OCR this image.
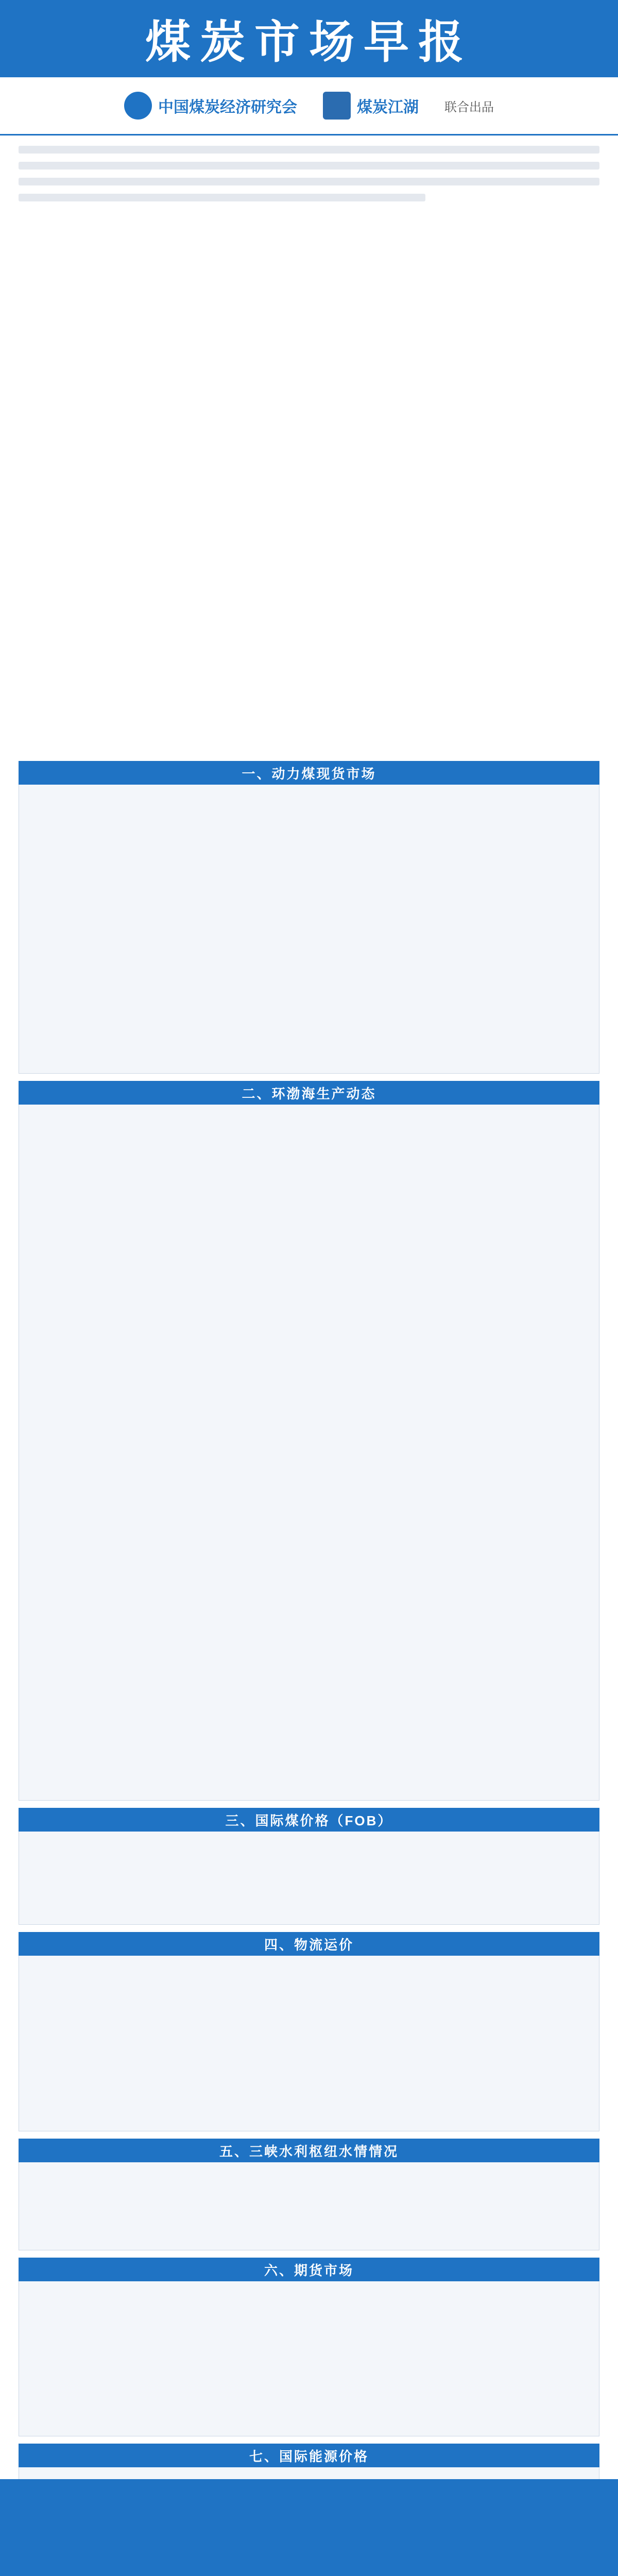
煤炭市场早报
中国煤炭经济研究会	煤炭江湖 联合出品
一、动力煤现货市场
二、环渤海生产动态
三、国际煤价格（FOB）
四、物流运价
五、三峡水利枢纽水情情况
六、期货市场
七、国际能源价格
